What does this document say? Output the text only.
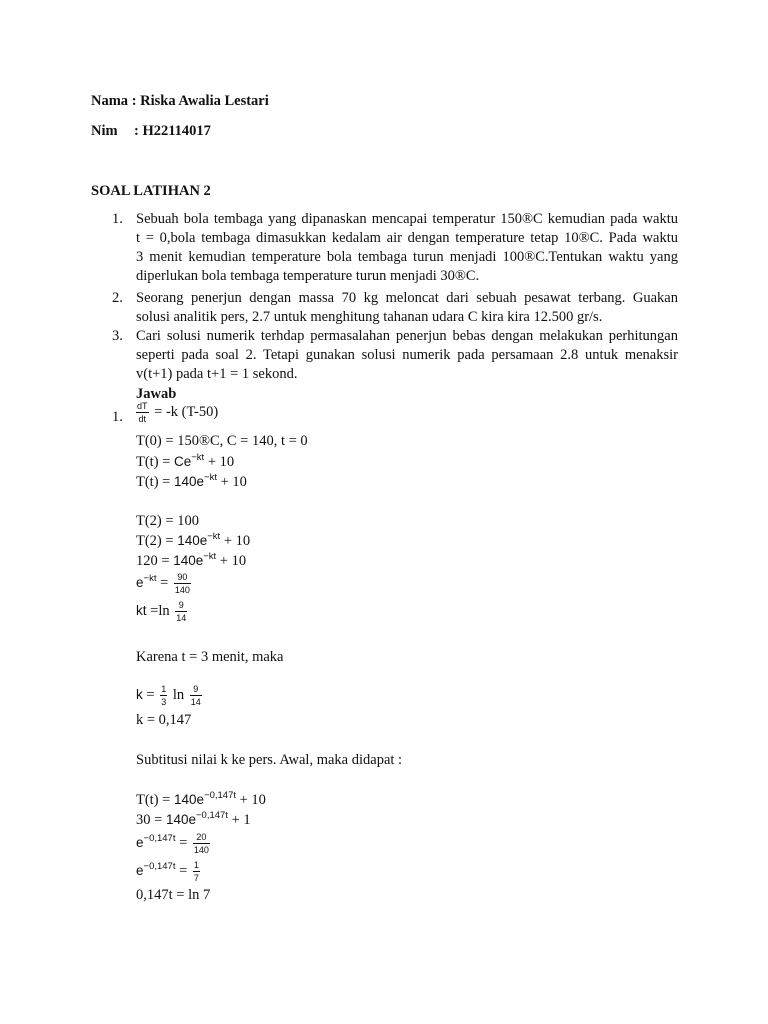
Nama : Riska Awalia Lestari
Nim : H22114017
SOAL LATIHAN 2
1. Sebuah bola tembaga yang dipanaskan mencapai temperatur 150®C kemudian pada waktu
t = 0,bola tembaga dimasukkan kedalam air dengan temperature tetap 10®C. Pada waktu
3 menit kemudian temperature bola tembaga turun menjadi 100®C.Tentukan waktu yang
diperlukan bola tembaga temperature turun menjadi 30®C.
2. Seorang penerjun dengan massa 70 kg meloncat dari sebuah pesawat terbang. Guakan
solusi analitik pers, 2.7 untuk menghitung tahanan udara C kira kira 12.500 gr/s.
3. Cari solusi numerik terhdap permasalahan penerjun bebas dengan melakukan perhitungan
seperti pada soal 2. Tetapi gunakan solusi numerik pada persamaan 2.8 untuk menaksir
v(t+1) pada t+1 = 1 sekond.
Jawab
1. $\frac{dT}{dt} = -k$ (T-50)
T(0) = 150®C, C = 140, t = 0
$T(t) = Ce^{-kt} + 10$
$T(t) = 140e^{-kt} + 10$
T(2) = 100
$T(2) = 140e^{-kt} + 10$
$120 = 140e^{-kt} + 10$
$e^{-kt} = \frac{90}{140}$
kt $=\ln \frac{9}{14}$
Karena t = 3 menit, maka
$k = \frac{1}{3}$ $\ln \frac{9}{14}$
k = 0,147
Subtitusi nilai k ke pers. Awal, maka didapat :
$T(t) = 140e^{-0,147t} + 10$
$30 = 140e^{-0,147t} + 1$
$e^{-0,147t} = \frac{20}{140}$
$e^{-0,147t} = \frac{1}{7}$
0,147t = ln 7
